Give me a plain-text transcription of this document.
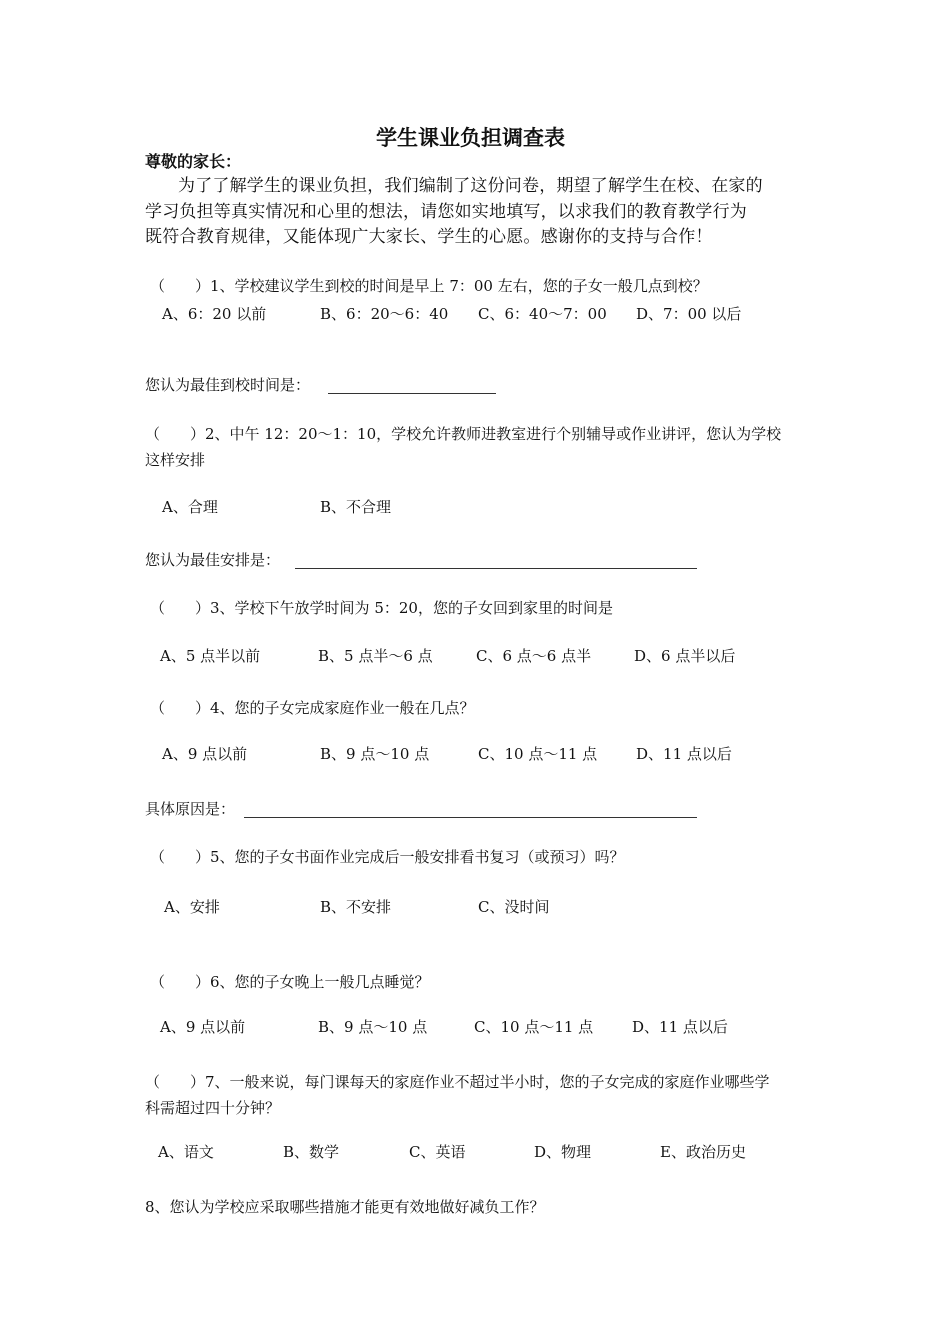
学生课业负担调查表
尊敬的家长：
为了了解学生的课业负担，我们编制了这份问卷，期望了解学生在校、在家的
学习负担等真实情况和心里的想法，请您如实地填写，以求我们的教育教学行为
既符合教育规律，又能体现广大家长、学生的心愿。感谢你的支持与合作！
（　　）1、学校建议学生到校的时间是早上 7：00 左右，您的子女一般几点到校？
A、6：20 以前	B、6：20～6：40 C、6：40～7：00 D、7：00 以后
您认为最佳到校时间是：
（　　）2、中午 12：20～1：10，学校允许教师进教室进行个别辅导或作业讲评，您认为学校
这样安排
A、合理	B、不合理
您认为最佳安排是：
（　　）3、学校下午放学时间为 5：20，您的子女回到家里的时间是
A、5 点半以前	B、5 点半～6 点	C、6 点～6 点半	D、6 点半以后
（　　）4、您的子女完成家庭作业一般在几点？
A、9 点以前	B、9 点～10 点	C、10 点～11 点	D、11 点以后
具体原因是：
（　　）5、您的子女书面作业完成后一般安排看书复习（或预习）吗？
A、安排	B、不安排	C、没时间
（　　）6、您的子女晚上一般几点睡觉？
A、9 点以前	B、9 点～10 点	C、10 点～11 点	D、11 点以后
（　　）7、一般来说，每门课每天的家庭作业不超过半小时，您的子女完成的家庭作业哪些学
科需超过四十分钟？
A、语文	B、数学	C、英语	D、物理	E、政治历史
8、您认为学校应采取哪些措施才能更有效地做好减负工作？
